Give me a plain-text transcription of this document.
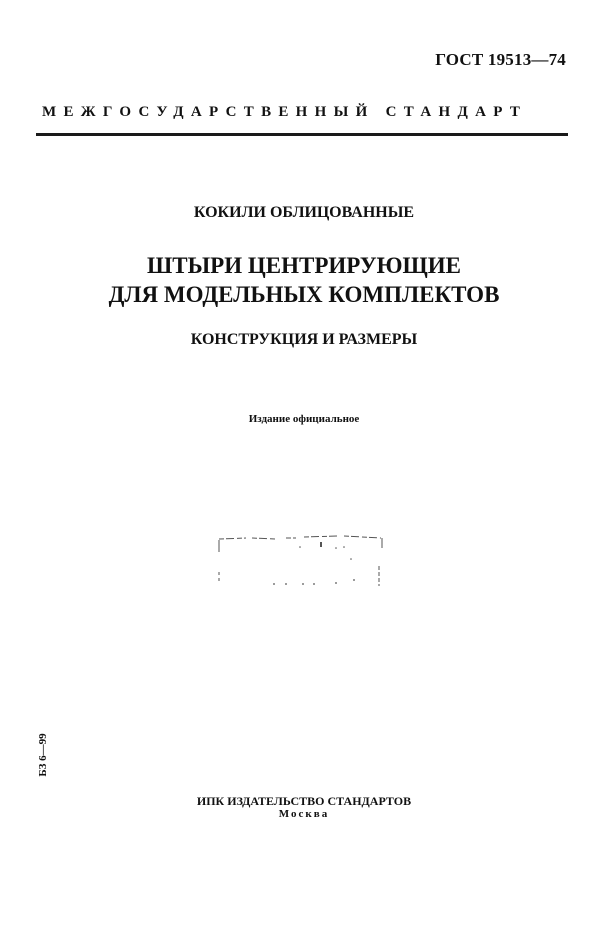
ГОСТ 19513—74
МЕЖГОСУДАРСТВЕННЫЙ СТАНДАРТ
КОКИЛИ ОБЛИЦОВАННЫЕ
ШТЫРИ ЦЕНТРИРУЮЩИЕ
ДЛЯ МОДЕЛЬНЫХ КОМПЛЕКТОВ
КОНСТРУКЦИЯ И РАЗМЕРЫ
Издание официальное
БЗ 6—99
ИПК ИЗДАТЕЛЬСТВО СТАНДАРТОВ
Москва
